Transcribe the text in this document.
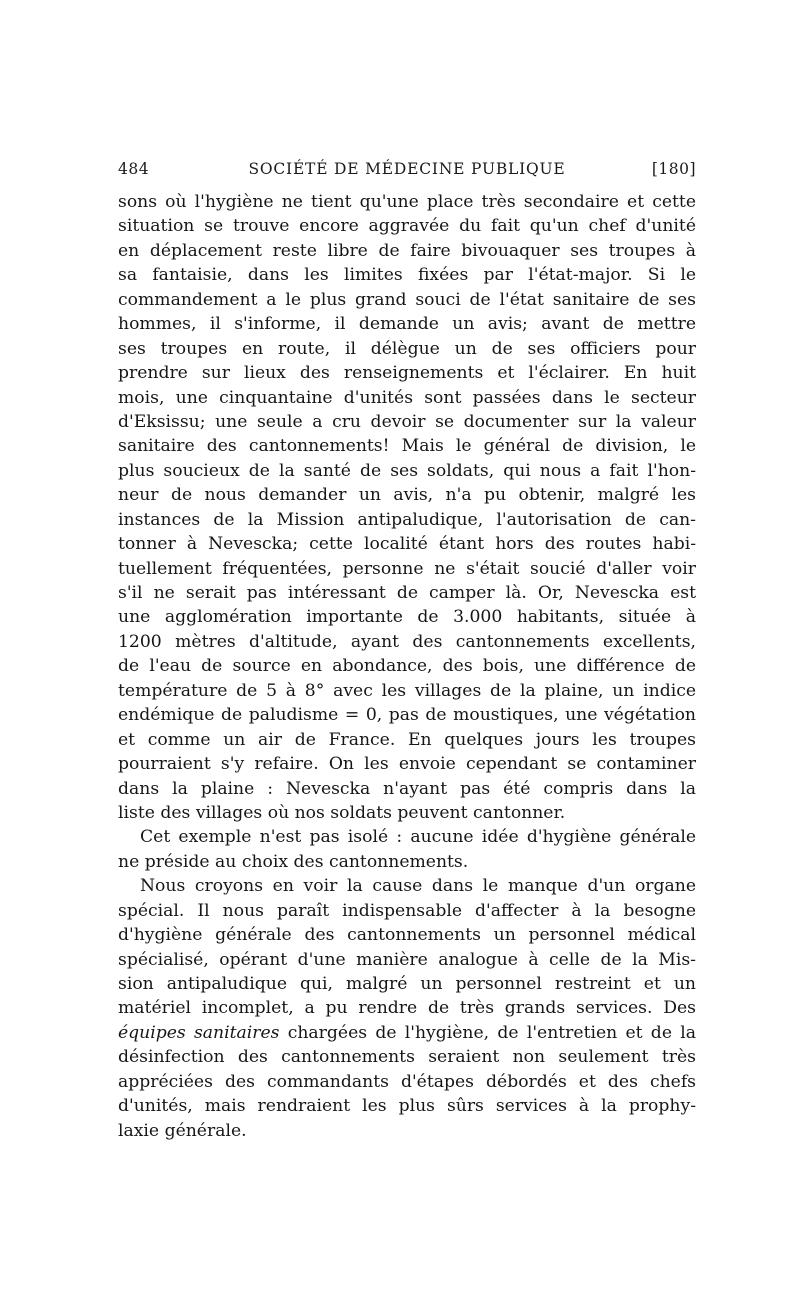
484	SOCIÉTÉ DE MÉDECINE PUBLIQUE	[180]
sons où l'hygiène ne tient qu'une place très secondaire et cette
situation se trouve encore aggravée du fait qu'un chef d'unité
en déplacement reste libre de faire bivouaquer ses troupes à
sa fantaisie, dans les limites fixées par l'état-major. Si le
commandement a le plus grand souci de l'état sanitaire de ses
hommes, il s'informe, il demande un avis; avant de mettre
ses troupes en route, il délègue un de ses officiers pour
prendre sur lieux des renseignements et l'éclairer. En huit
mois, une cinquantaine d'unités sont passées dans le secteur
d'Eksissu; une seule a cru devoir se documenter sur la valeur
sanitaire des cantonnements! Mais le général de division, le
plus soucieux de la santé de ses soldats, qui nous a fait l'hon-
neur de nous demander un avis, n'a pu obtenir, malgré les
instances de la Mission antipaludique, l'autorisation de can-
tonner à Nevescka; cette localité étant hors des routes habi-
tuellement fréquentées, personne ne s'était soucié d'aller voir
s'il ne serait pas intéressant de camper là. Or, Nevescka est
une agglomération importante de 3.000 habitants, située à
1200 mètres d'altitude, ayant des cantonnements excellents,
de l'eau de source en abondance, des bois, une différence de
température de 5 à 8° avec les villages de la plaine, un indice
endémique de paludisme = 0, pas de moustiques, une végétation
et comme un air de France. En quelques jours les troupes
pourraient s'y refaire. On les envoie cependant se contaminer
dans la plaine : Nevescka n'ayant pas été compris dans la
liste des villages où nos soldats peuvent cantonner.
Cet exemple n'est pas isolé : aucune idée d'hygiène générale
ne préside au choix des cantonnements.
Nous croyons en voir la cause dans le manque d'un organe
spécial. Il nous paraît indispensable d'affecter à la besogne
d'hygiène générale des cantonnements un personnel médical
spécialisé, opérant d'une manière analogue à celle de la Mis-
sion antipaludique qui, malgré un personnel restreint et un
matériel incomplet, a pu rendre de très grands services. Des
équipes sanitaires chargées de l'hygiène, de l'entretien et de la
désinfection des cantonnements seraient non seulement très
appréciées des commandants d'étapes débordés et des chefs
d'unités, mais rendraient les plus sûrs services à la prophy-
laxie générale.
